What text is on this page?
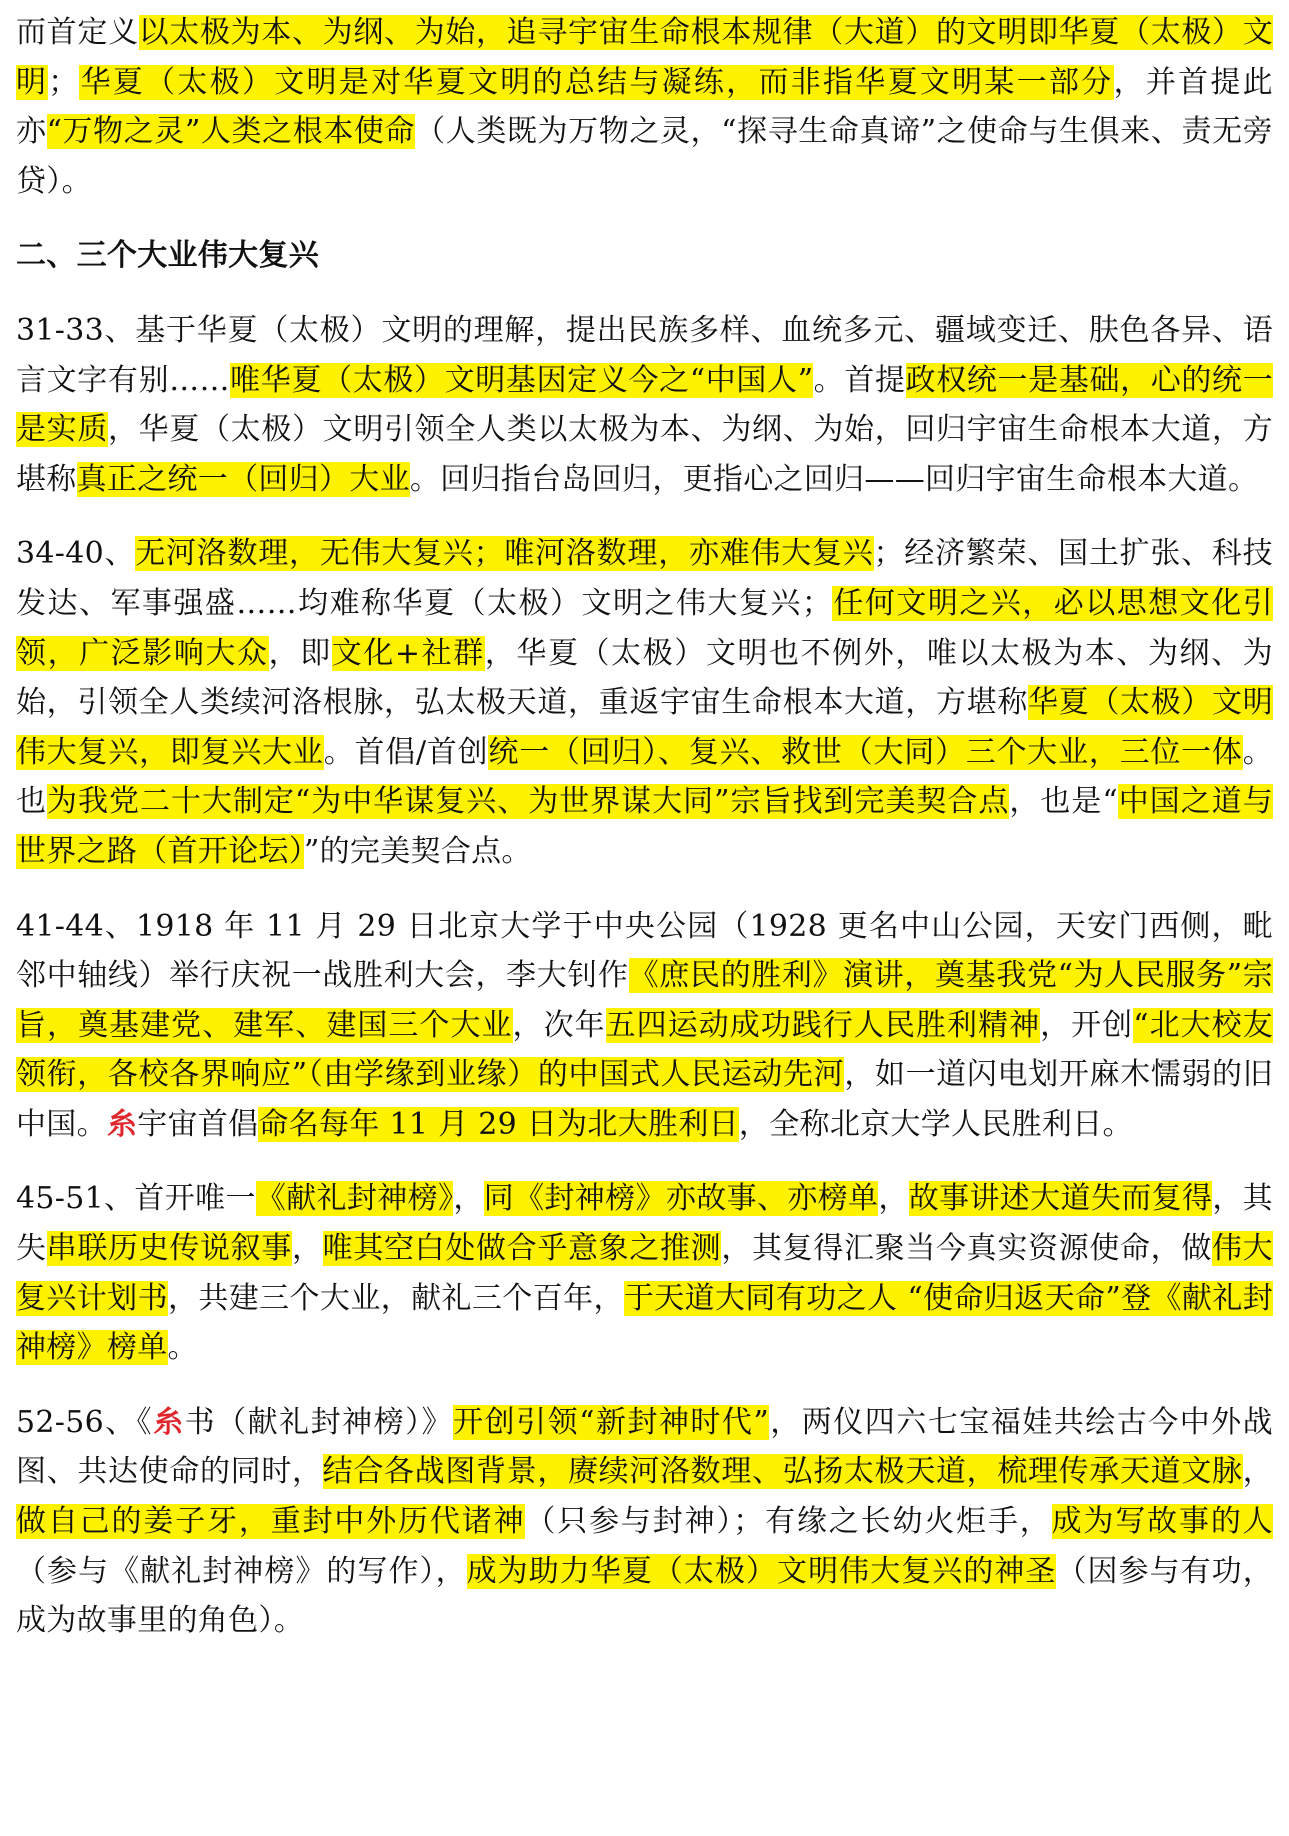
而首定义以太极为本、为纲、为始，追寻宇宙生命根本规律（大道）的文明即华夏（太极）文明；华夏（太极）文明是对华夏文明的总结与凝练，而非指华夏文明某一部分，并首提此亦“万物之灵”人类之根本使命（人类既为万物之灵，“探寻生命真谛”之使命与生俱来、责无旁贷）。

二、三个大业伟大复兴

31-33、基于华夏（太极）文明的理解，提出民族多样、血统多元、疆域变迁、肤色各异、语言文字有别……唯华夏（太极）文明基因定义今之“中国人”。首提政权统一是基础，心的统一是实质，华夏（太极）文明引领全人类以太极为本、为纲、为始，回归宇宙生命根本大道，方堪称真正之统一（回归）大业。回归指台岛回归，更指心之回归——回归宇宙生命根本大道。

34-40、无河洛数理，无伟大复兴；唯河洛数理，亦难伟大复兴；经济繁荣、国土扩张、科技发达、军事强盛……均难称华夏（太极）文明之伟大复兴；任何文明之兴，必以思想文化引领，广泛影响大众，即文化+社群，华夏（太极）文明也不例外，唯以太极为本、为纲、为始，引领全人类续河洛根脉，弘太极天道，重返宇宙生命根本大道，方堪称华夏（太极）文明伟大复兴，即复兴大业。首倡/首创统一（回归）、复兴、救世（大同）三个大业，三位一体。也为我党二十大制定“为中华谋复兴、为世界谋大同”宗旨找到完美契合点，也是“中国之道与世界之路（首开论坛）”的完美契合点。

41-44、1918 年 11 月 29 日北京大学于中央公园（1928 更名中山公园，天安门西侧，毗邻中轴线）举行庆祝一战胜利大会，李大钊作《庶民的胜利》演讲，奠基我党“为人民服务”宗旨，奠基建党、建军、建国三个大业，次年五四运动成功践行人民胜利精神，开创“北大校友领衔，各校各界响应”（由学缘到业缘）的中国式人民运动先河，如一道闪电划开麻木懦弱的旧中国。⽷宇宙首倡命名每年 11 月 29 日为北大胜利日，全称北京大学人民胜利日。

45-51、首开唯一《献礼封神榜》，同《封神榜》亦故事、亦榜单，故事讲述大道失而复得，其失串联历史传说叙事，唯其空白处做合乎意象之推测，其复得汇聚当今真实资源使命，做伟大复兴计划书，共建三个大业，献礼三个百年，于天道大同有功之人 “使命归返天命”登《献礼封神榜》榜单。

52-56、《⽷书（献礼封神榜）》开创引领“新封神时代”，两仪四六七宝福娃共绘古今中外战图、共达使命的同时，结合各战图背景，赓续河洛数理、弘扬太极天道，梳理传承天道文脉，做自己的姜子牙，重封中外历代诸神（只参与封神）；有缘之长幼火炬手，成为写故事的人（参与《献礼封神榜》的写作），成为助力华夏（太极）文明伟大复兴的神圣（因参与有功，成为故事里的角色）。
